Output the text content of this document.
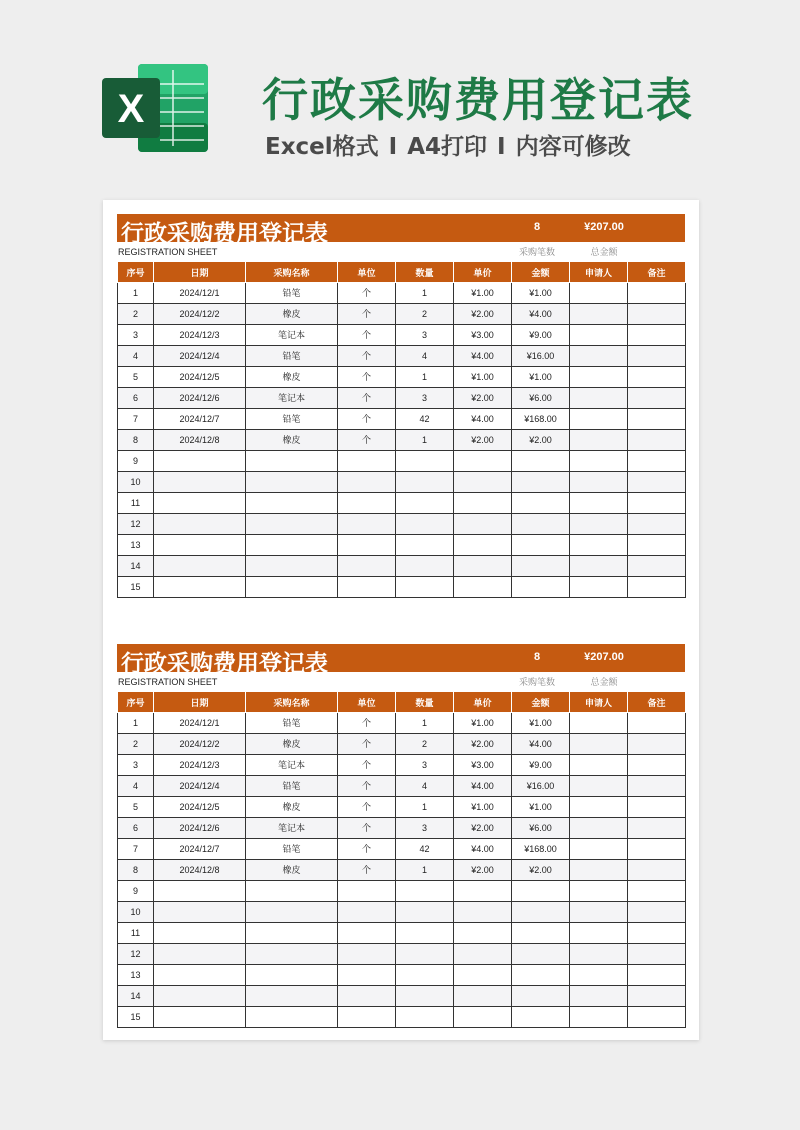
X	行政采购费用登记表
Excel格式 I A4打印 I 内容可修改
行政采购费用登记表	8	¥207.00
REGISTRATION SHEET	采购笔数	总金额
序号	日期	采购名称	单位	数量	单价	金额	申请人	备注
1	2024/12/1	铅笔	个	1	¥1.00	¥1.00		
2	2024/12/2	橡皮	个	2	¥2.00	¥4.00		
3	2024/12/3	笔记本	个	3	¥3.00	¥9.00		
4	2024/12/4	铅笔	个	4	¥4.00	¥16.00		
5	2024/12/5	橡皮	个	1	¥1.00	¥1.00		
6	2024/12/6	笔记本	个	3	¥2.00	¥6.00		
7	2024/12/7	铅笔	个	42	¥4.00	¥168.00		
8	2024/12/8	橡皮	个	1	¥2.00	¥2.00		
9								
10								
11								
12								
13								
14								
15								
行政采购费用登记表	8	¥207.00
REGISTRATION SHEET	采购笔数	总金额
序号	日期	采购名称	单位	数量	单价	金额	申请人	备注
1	2024/12/1	铅笔	个	1	¥1.00	¥1.00		
2	2024/12/2	橡皮	个	2	¥2.00	¥4.00		
3	2024/12/3	笔记本	个	3	¥3.00	¥9.00		
4	2024/12/4	铅笔	个	4	¥4.00	¥16.00		
5	2024/12/5	橡皮	个	1	¥1.00	¥1.00		
6	2024/12/6	笔记本	个	3	¥2.00	¥6.00		
7	2024/12/7	铅笔	个	42	¥4.00	¥168.00		
8	2024/12/8	橡皮	个	1	¥2.00	¥2.00		
9								
10								
11								
12								
13								
14								
15								
